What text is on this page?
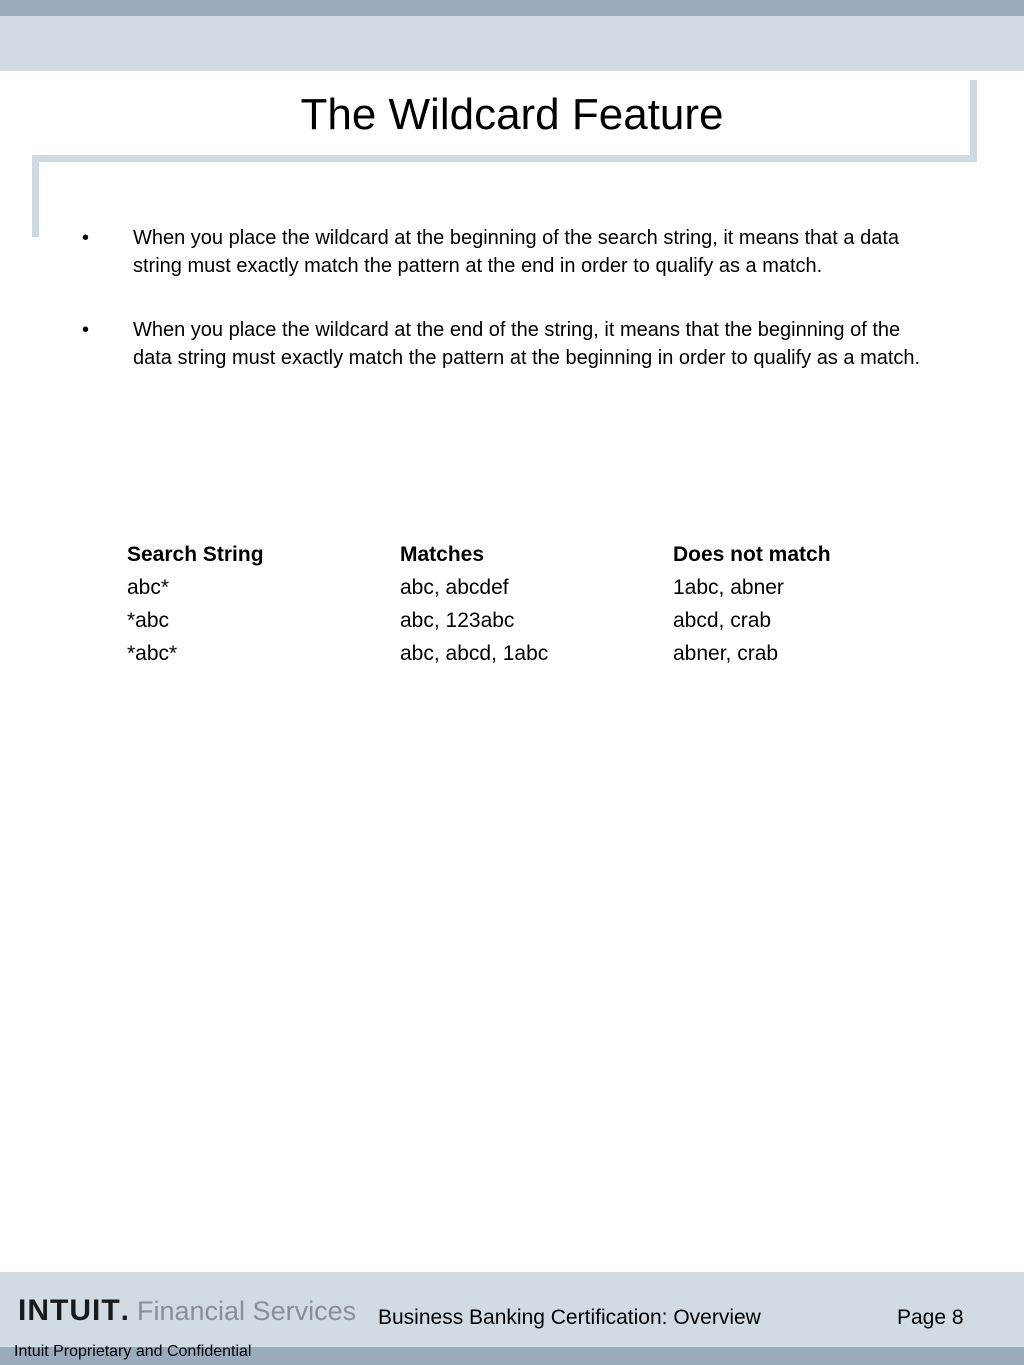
The Wildcard Feature
• When you place the wildcard at the beginning of the search string, it means that a data string must exactly match the pattern at the end in order to qualify as a match.
• When you place the wildcard at the end of the string, it means that the beginning of the data string must exactly match the pattern at the beginning in order to qualify as a match.
Search String	Matches	Does not match
abc*	abc, abcdef	1abc, abner
*abc	abc, 123abc	abcd, crab
*abc*	abc, abcd, 1abc	abner, crab
INTUIT . Financial Services Business Banking Certification: Overview	Page 8
Intuit Proprietary and Confidential
